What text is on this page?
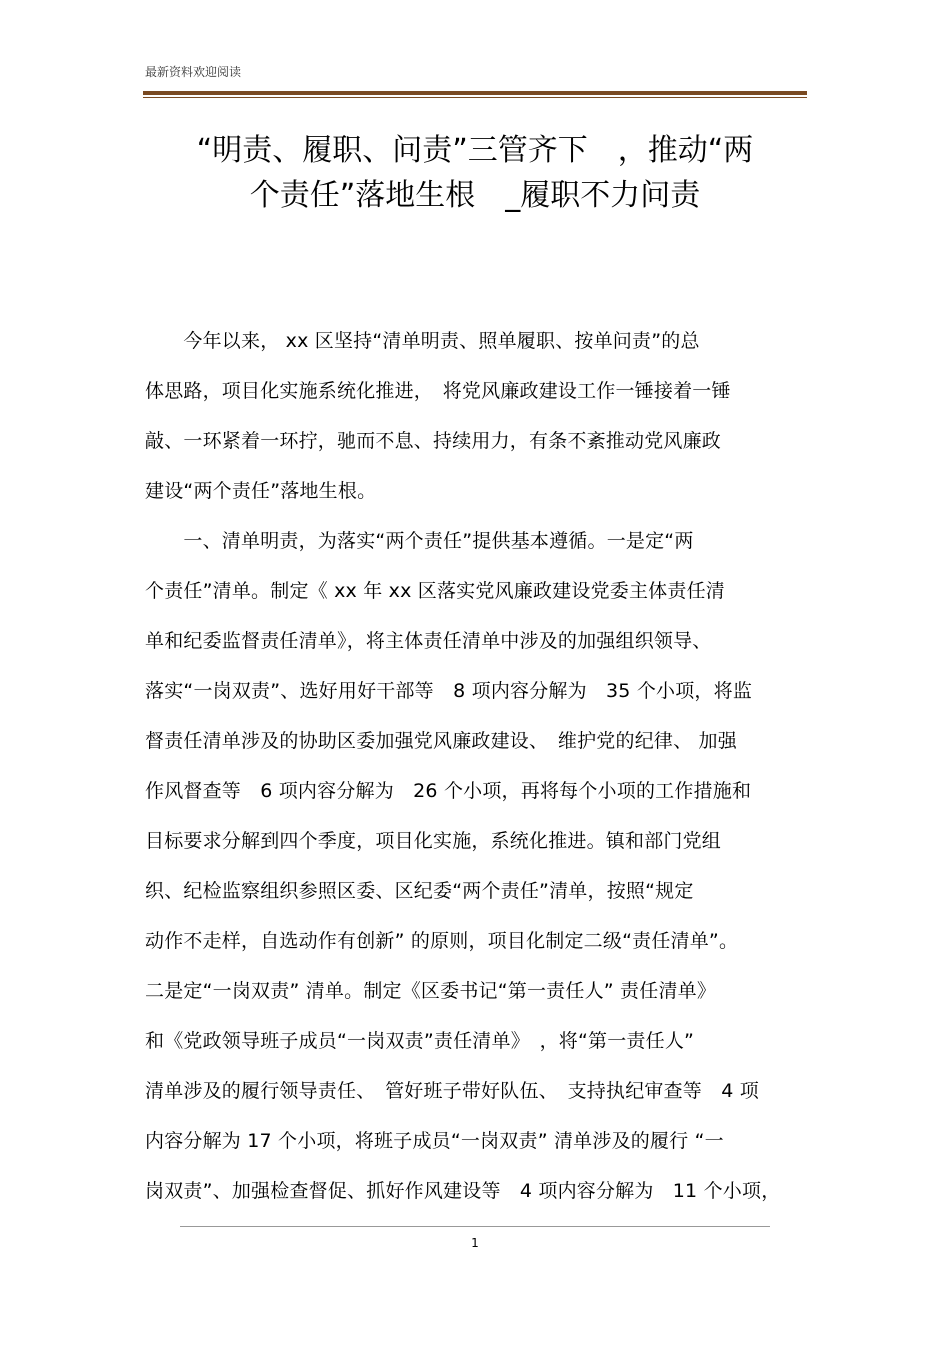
最新资料欢迎阅读
“明责、履职、问责”三管齐下　，推动“两
个责任”落地生根　_履职不力问责
　　今年以来， xx 区坚持“清单明责、照单履职、按单问责”的总
体思路，项目化实施系统化推进，　将党风廉政建设工作一锤接着一锤
敲、一环紧着一环拧，驰而不息、持续用力，有条不紊推动党风廉政
建设“两个责任”落地生根。
　　一、清单明责，为落实“两个责任”提供基本遵循。一是定“两
个责任”清单。制定《 xx 年 xx 区落实党风廉政建设党委主体责任清
单和纪委监督责任清单》，将主体责任清单中涉及的加强组织领导、
落实“一岗双责”、选好用好干部等　8 项内容分解为　35 个小项，将监
督责任清单涉及的协助区委加强党风廉政建设、　维护党的纪律、 加强
作风督查等　6 项内容分解为　26 个小项，再将每个小项的工作措施和
目标要求分解到四个季度，项目化实施，系统化推进。镇和部门党组
织、纪检监察组织参照区委、区纪委“两个责任”清单，按照“规定
动作不走样，自选动作有创新” 的原则，项目化制定二级“责任清单”。
二是定“一岗双责” 清单。制定《区委书记“第一责任人” 责任清单》
和《党政领导班子成员“一岗双责”责任清单》　，将“第一责任人”
清单涉及的履行领导责任、　管好班子带好队伍、　支持执纪审查等　4 项
内容分解为 17 个小项，将班子成员“一岗双责” 清单涉及的履行 “一
岗双责”、加强检查督促、抓好作风建设等　4 项内容分解为　11 个小项，
1
